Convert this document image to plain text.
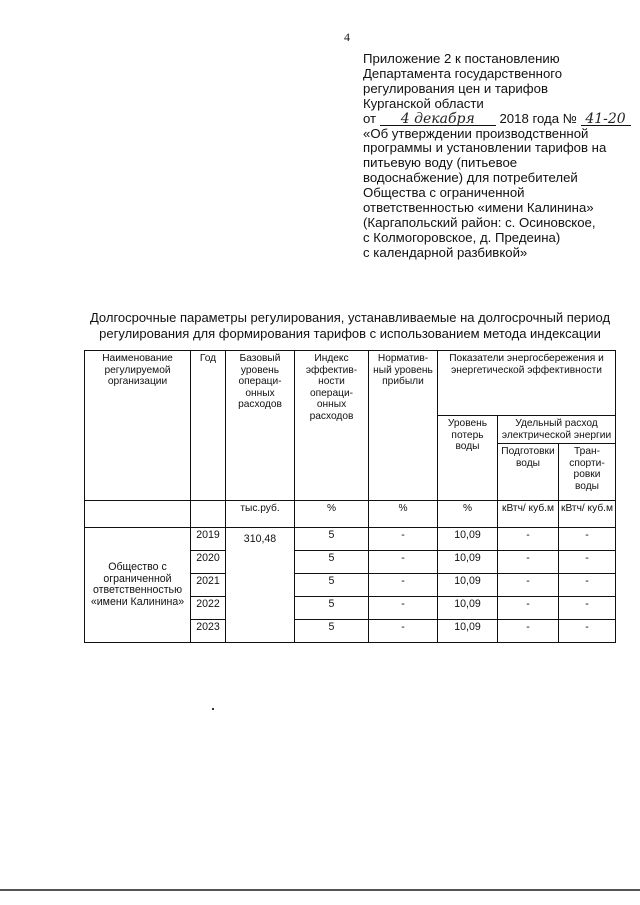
4
Приложение 2 к постановлению
Департамента государственного
регулирования цен и тарифов
Курганской области
от 4 декабря 2018 года № 41-20
«Об утверждении производственной
программы и установлении тарифов на
питьевую воду (питьевое
водоснабжение) для потребителей
Общества с ограниченной
ответственностью «имени Калинина»
(Каргапольский район: с. Осиновское,
с Колмогоровское, д. Предеина)
с календарной разбивкой»
Долгосрочные параметры регулирования, устанавливаемые на долгосрочный период
регулирования для формирования тарифов с использованием метода индексации
Наименование регулируемой организации	Год	Базовый уровень операци-онных расходов	Индекс эффектив-ности операци-онных расходов	Норматив-ный уровень прибыли	Показатели энергосбережения и энергетической эффективности		
					Уровень потерь воды	Удельный расход электрической энергии	
						Подготовки воды	Тран-спорти-ровки воды
		тыс.руб.	%	%	%	кВтч/ куб.м	кВтч/ куб.м
Общество с ограниченной ответственностью «имени Калинина»	2019	310,48	5	-	10,09	-	-
	2020		5	-	10,09	-	-
	2021		5	-	10,09	-	-
	2022		5	-	10,09	-	-
	2023		5	-	10,09	-	-
